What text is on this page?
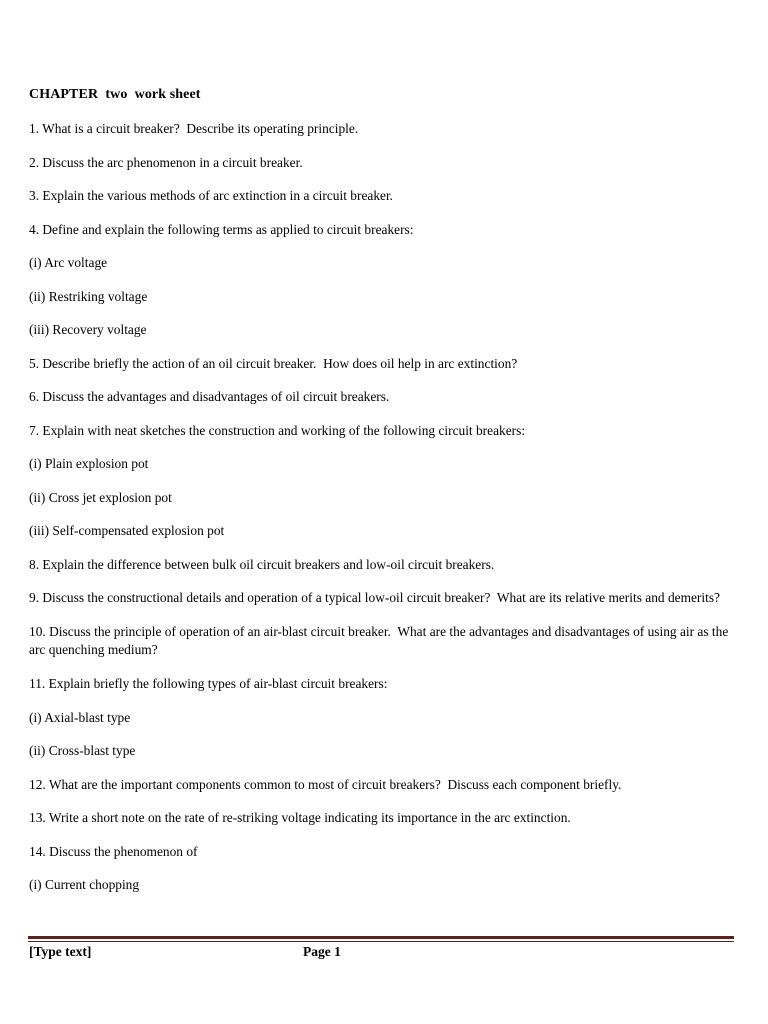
CHAPTER  two  work sheet
1. What is a circuit breaker?  Describe its operating principle.
2. Discuss the arc phenomenon in a circuit breaker.
3. Explain the various methods of arc extinction in a circuit breaker.
4. Define and explain the following terms as applied to circuit breakers:
(i) Arc voltage
(ii) Restriking voltage
(iii) Recovery voltage
5. Describe briefly the action of an oil circuit breaker.  How does oil help in arc extinction?
6. Discuss the advantages and disadvantages of oil circuit breakers.
7. Explain with neat sketches the construction and working of the following circuit breakers:
(i) Plain explosion pot
(ii) Cross jet explosion pot
(iii) Self-compensated explosion pot
8. Explain the difference between bulk oil circuit breakers and low-oil circuit breakers.
9. Discuss the constructional details and operation of a typical low-oil circuit breaker?  What are its relative merits and demerits?
10. Discuss the principle of operation of an air-blast circuit breaker.  What are the advantages and disadvantages of using air as the arc quenching medium?
11. Explain briefly the following types of air-blast circuit breakers:
(i) Axial-blast type
(ii) Cross-blast type
12. What are the important components common to most of circuit breakers?  Discuss each component briefly.
13. Write a short note on the rate of re-striking voltage indicating its importance in the arc extinction.
14. Discuss the phenomenon of
(i) Current chopping
[Type text]	Page 1
